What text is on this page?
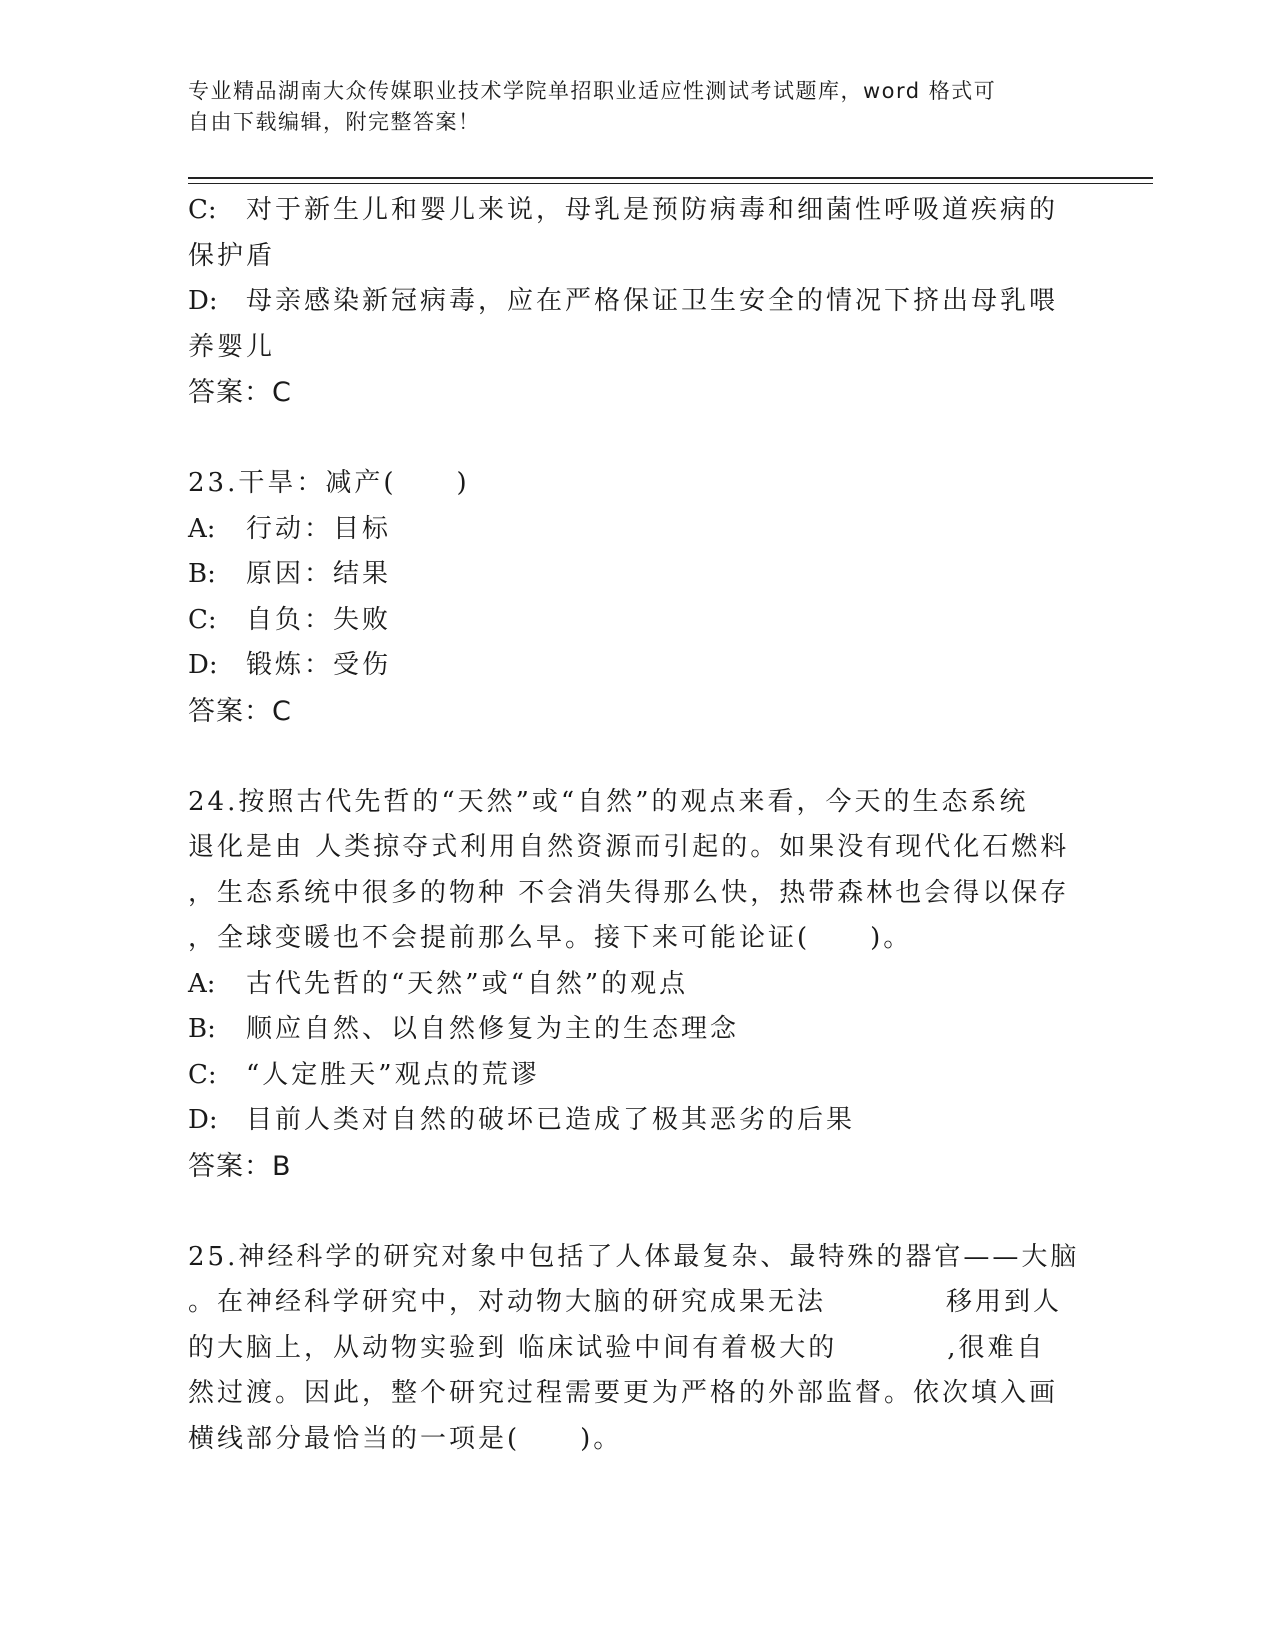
专业精品湖南大众传媒职业技术学院单招职业适应性测试考试题库，word 格式可
自由下载编辑，附完整答案！
C: 对于新生儿和婴儿来说，母乳是预防病毒和细菌性呼吸道疾病的
保护盾
D: 母亲感染新冠病毒，应在严格保证卫生安全的情况下挤出母乳喂
养婴儿
答案：C
23.干旱：减产( )
A: 行动：目标
B: 原因：结果
C: 自负：失败
D: 锻炼：受伤
答案：C
24.按照古代先哲的“天然”或“自然”的观点来看，今天的生态系统
退化是由 人类掠夺式利用自然资源而引起的。如果没有现代化石燃料
，生态系统中很多的物种 不会消失得那么快，热带森林也会得以保存
，全球变暖也不会提前那么早。接下来可能论证( )。
A: 古代先哲的“天然”或“自然”的观点
B: 顺应自然、以自然修复为主的生态理念
C: “人定胜天”观点的荒谬
D: 目前人类对自然的破坏已造成了极其恶劣的后果
答案：B
25.神经科学的研究对象中包括了人体最复杂、最特殊的器官——大脑
。在神经科学研究中，对动物大脑的研究成果无法	移用到人
的大脑上，从动物实验到 临床试验中间有着极大的	,很难自
然过渡。因此，整个研究过程需要更为严格的外部监督。依次填入画
横线部分最恰当的一项是( )。
